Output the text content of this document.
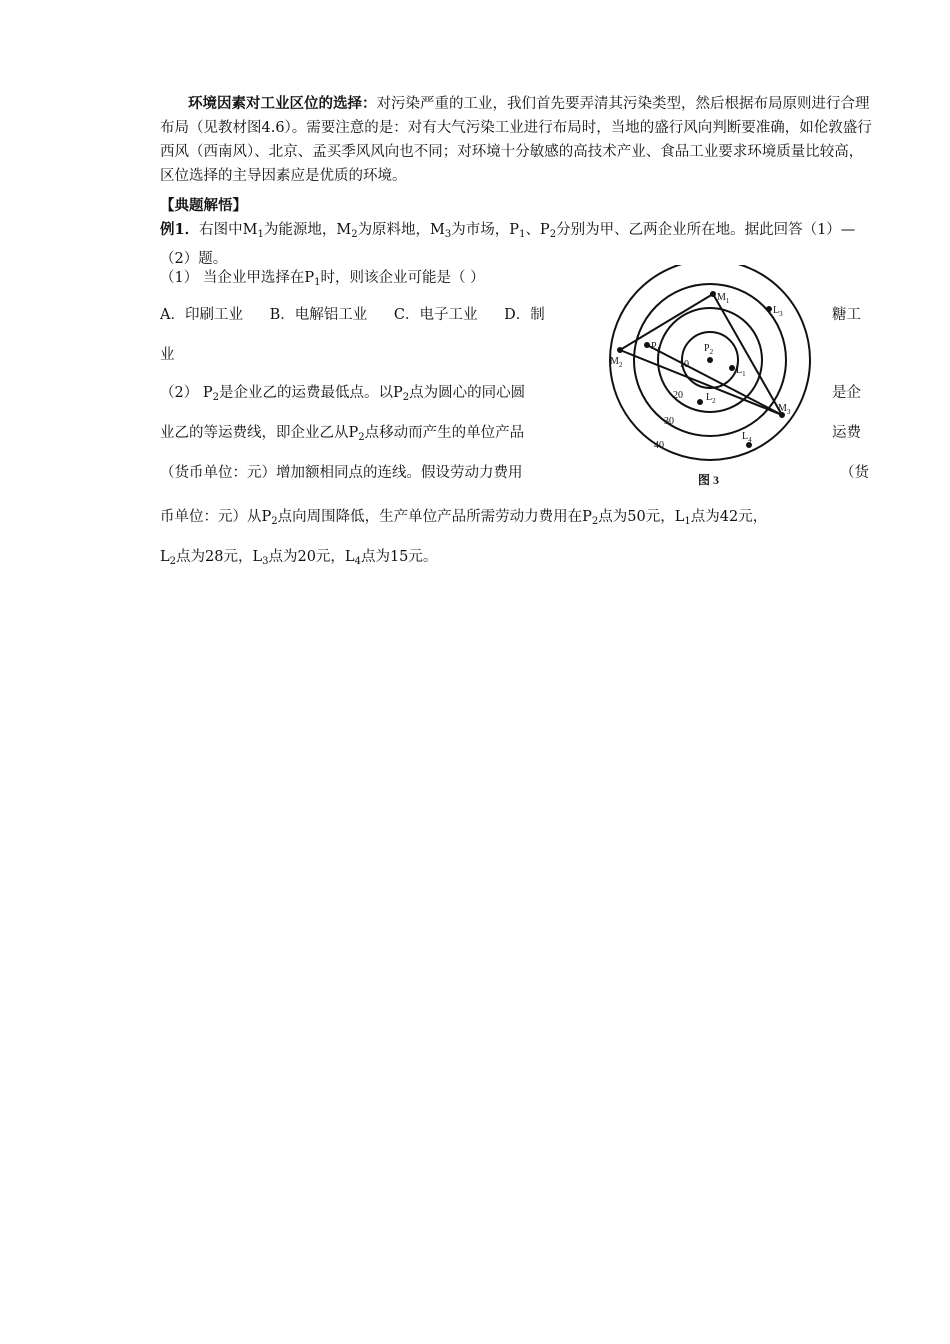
环境因素对工业区位的选择：对污染严重的工业，我们首先要弄清其污染类型，然后根据布局原则进行合理布局（见教材图4.6）。需要注意的是：对有大气污染工业进行布局时，当地的盛行风向判断要准确，如伦敦盛行西风（西南风）、北京、孟买季风风向也不同；对环境十分敏感的高技术产业、食品工业要求环境质量比较高，区位选择的主导因素应是优质的环境。

【典题解悟】

例1．右图中$M_1$为能源地，$M_2$为原料地，$M_3$为市场，$P_1$、$P_2$分别为甲、乙两企业所在地。据此回答（1）—（2）题。

（1） 当企业甲选择在$P_1$时，则该企业可能是（ ）

A．印刷工业 B．电解铝工业 C．电子工业 D．制	糖工
业
（2） $P_2$是企业乙的运费最低点。以$P_2$点为圆心的同心圆	是企
业乙的等运费线，即企业乙从$P_2$点移动而产生的单位产品	运费
（货币单位：元）增加额相同点的连线。假设劳动力费用	（货
币单位：元）从$P_2$点向周围降低，生产单位产品所需劳动力费用在$P_2$点为50元，$L_1$点为42元，
$L_2$点为28元，$L_3$点为20元，$L_4$点为15元。
$M_1$
$M_2$
$M_3$
$P_1$	$P_2$
$L_1$
$L_2$
$L_3$
$L_4$
10
20
30
40
图 3
